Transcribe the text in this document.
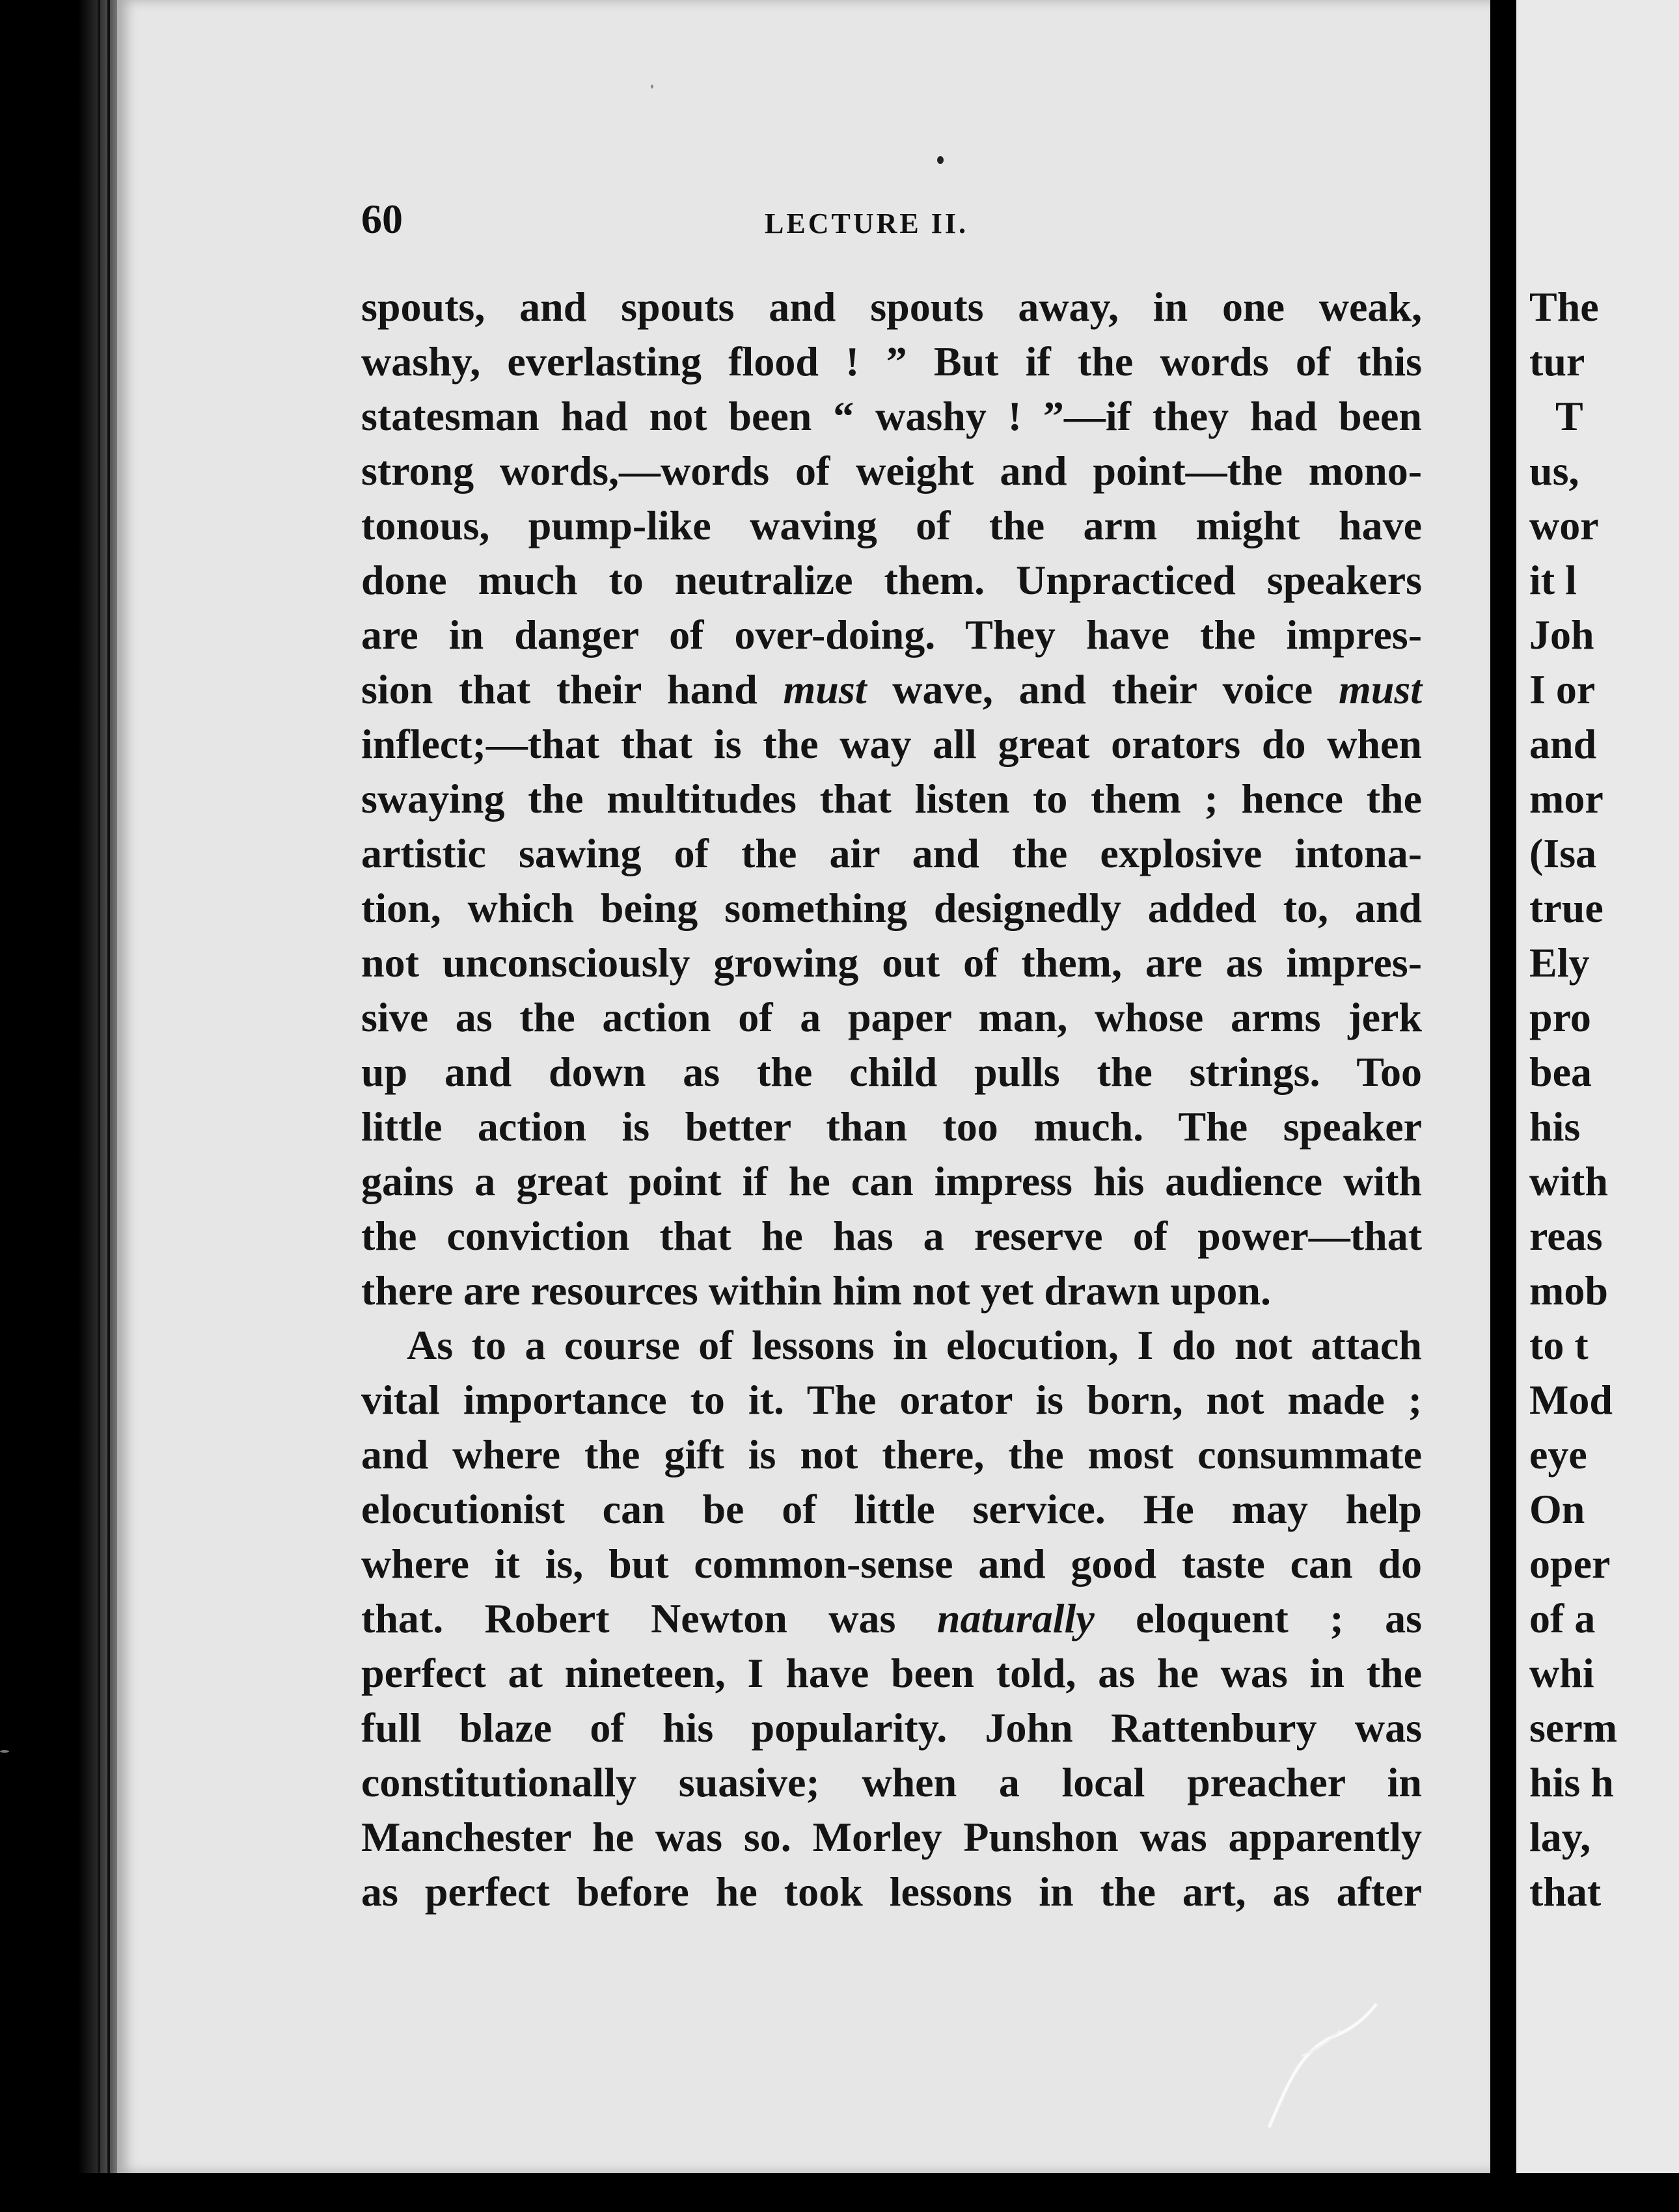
60	LECTURE II.
spouts, and spouts and spouts away, in one weak,
washy, everlasting flood ! ” But if the words of this
statesman had not been “ washy ! ”—if they had been
strong words,—words of weight and point—the mono-
tonous, pump-like waving of the arm might have
done much to neutralize them. Unpracticed speakers
are in danger of over-doing. They have the impres-
sion that their hand must wave, and their voice must
inflect;—that that is the way all great orators do when
swaying the multitudes that listen to them ; hence the
artistic sawing of the air and the explosive intona-
tion, which being something designedly added to, and
not unconsciously growing out of them, are as impres-
sive as the action of a paper man, whose arms jerk
up and down as the child pulls the strings. Too
little action is better than too much. The speaker
gains a great point if he can impress his audience with
the conviction that he has a reserve of power—that
there are resources within him not yet drawn upon.
As to a course of lessons in elocution, I do not attach
vital importance to it. The orator is born, not made ;
and where the gift is not there, the most consummate
elocutionist can be of little service. He may help
where it is, but common-sense and good taste can do
that. Robert Newton was naturally eloquent ; as
perfect at nineteen, I have been told, as he was in the
full blaze of his popularity. John Rattenbury was
constitutionally suasive; when a local preacher in
Manchester he was so. Morley Punshon was apparently
as perfect before he took lessons in the art, as after
The
tur
T
us,
wor
it l
Joh
I or
and
mor
(Isa
true
Ely
pro
bea
his
with
reas
mob
to t
Mod
eye
On
oper
of a
whi
serm
his h
lay,
that
